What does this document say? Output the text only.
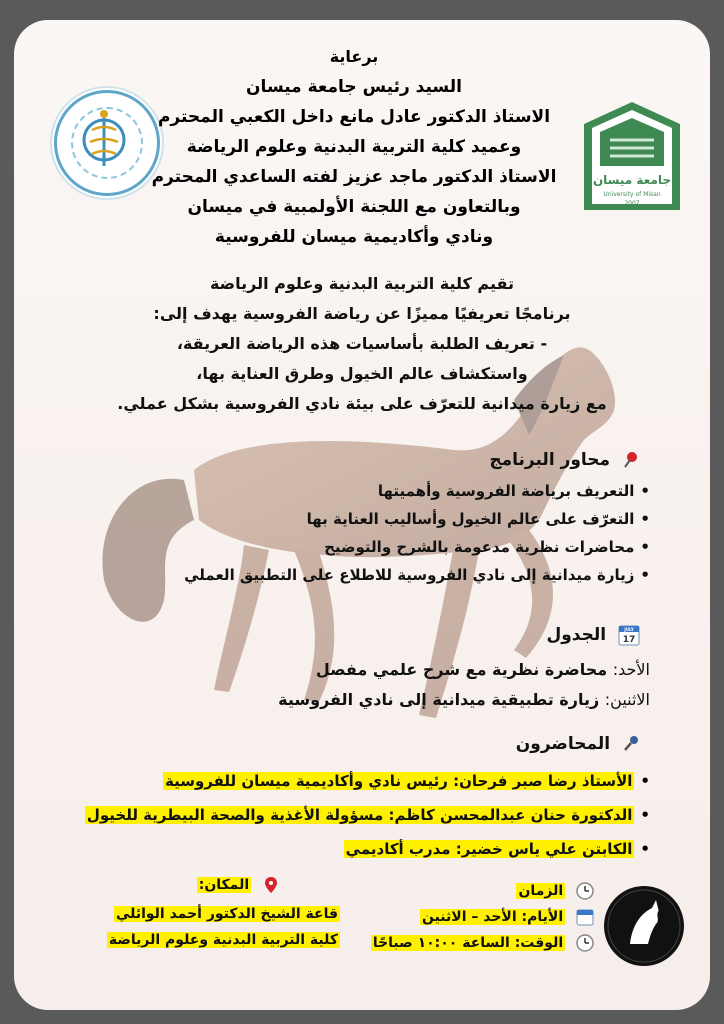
جامعة ميسان
University of Misan
2007
برعاية
السيد رئيس جامعة ميسان
الاستاذ الدكتور عادل مانع داخل الكعبي المحترم
وعميد كلية التربية البدنية وعلوم الرياضة
الاستاذ الدكتور ماجد عزيز لفته الساعدي المحترم
وبالتعاون مع اللجنة الأولمبية في ميسان
ونادي وأكاديمية ميسان للفروسية
تقيم كلية التربية البدنية وعلوم الرياضة
برنامجًا تعريفيًا مميزًا عن رياضة الفروسية يهدف إلى:
- تعريف الطلبة بأساسيات هذه الرياضة العريقة،
واستكشاف عالم الخيول وطرق العناية بها،
مع زيارة ميدانية للتعرّف على بيئة نادي الفروسية بشكل عملي.
محاور البرنامج
• التعريف برياضة الفروسية وأهميتها
• التعرّف على عالم الخيول وأساليب العناية بها
• محاضرات نظرية مدعومة بالشرح والتوضيح
• زيارة ميدانية إلى نادي الفروسية للاطلاع على التطبيق العملي
JULY
17
الجدول
الأحد: محاضرة نظرية مع شرح علمي مفصل
الاثنين: زيارة تطبيقية ميدانية إلى نادي الفروسية
المحاضرون
• الأستاذ رضا صبر فرحان: رئيس نادي وأكاديمية ميسان للفروسية
• الدكتورة حنان عبدالمحسن كاظم: مسؤولة الأغذية والصحة البيطرية للخيول
• الكابتن علي ياس خضير: مدرب أكاديمي
الزمان
الأيام: الأحد – الاثنين
الوقت: الساعة ١٠:٠٠ صباحًا
المكان:
قاعة الشيخ الدكتور أحمد الوائلي
كلية التربية البدنية وعلوم الرياضة
